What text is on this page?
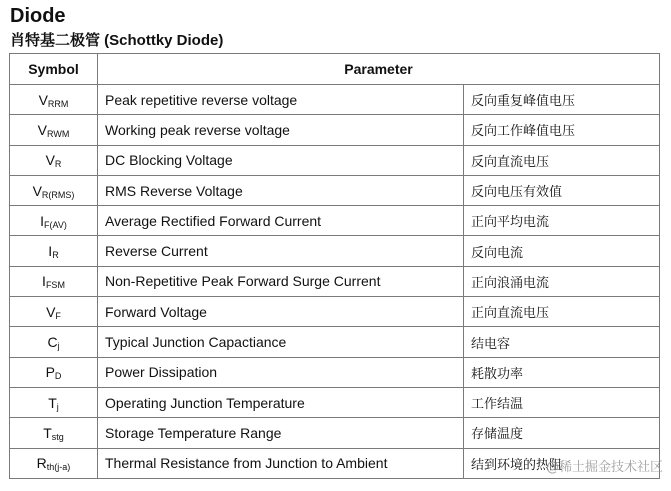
Diode
肖特基二极管 (Schottky Diode)
Symbol	Parameter	
$V_{RRM}$	Peak repetitive reverse voltage	反向重复峰值电压
$V_{RWM}$	Working peak reverse voltage	反向工作峰值电压
$V_R$	DC Blocking Voltage	反向直流电压
$V_{R(RMS)}$	RMS Reverse Voltage	反向电压有效值
$I_{F(AV)}$	Average Rectified Forward Current	正向平均电流
$I_R$	Reverse Current	反向电流
$I_{FSM}$	Non-Repetitive Peak Forward Surge Current	正向浪涌电流
$V_F$	Forward Voltage	正向直流电压
$C_j$	Typical Junction Capactiance	结电容
$P_D$	Power Dissipation	耗散功率
$T_j$	Operating Junction Temperature	工作结温
$T_{stg}$	Storage Temperature Range	存储温度
$R_{th(j-a)}$	Thermal Resistance from Junction to Ambient	结到环境的热阻
@稀土掘金技术社区
